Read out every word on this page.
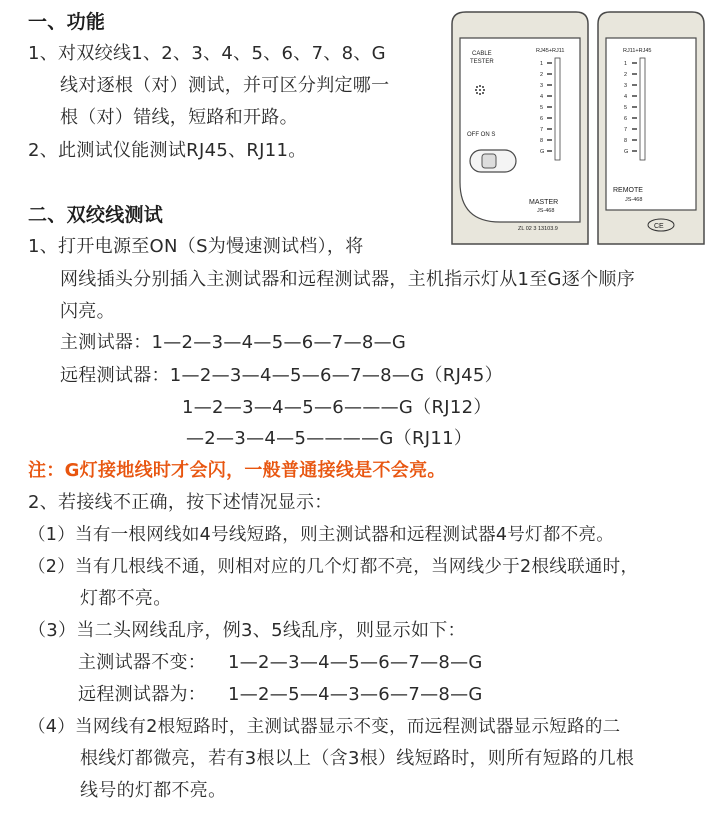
一、功能
1、对双绞线1、2、3、4、5、6、7、8、G
线对逐根（对）测试，并可区分判定哪一
根（对）错线，短路和开路。
2、此测试仪能测试RJ45、RJ11。
CABLE
TESTER
OFF ON S
RJ45+RJ11
1
2
3
4
5
6
7
8
G
MASTER
JS-468
ZL 02 3 13103.9
RJ11+RJ45
1
2
3
4
5
6
7
8
G
REMOTE
JS-468
CE
二、双绞线测试
1、打开电源至ON（S为慢速测试档），将
网线插头分别插入主测试器和远程测试器，主机指示灯从1至G逐个顺序
闪亮。
主测试器：1—2—3—4—5—6—7—8—G
远程测试器：1—2—3—4—5—6—7—8—G（RJ45）
1—2—3—4—5—6———G（RJ12）
—2—3—4—5————G（RJ11）
注：G灯接地线时才会闪，一般普通接线是不会亮。
2、若接线不正确，按下述情况显示：
（1）当有一根网线如4号线短路，则主测试器和远程测试器4号灯都不亮。
（2）当有几根线不通，则相对应的几个灯都不亮，当网线少于2根线联通时，
灯都不亮。
（3）当二头网线乱序，例3、5线乱序，则显示如下：
主测试器不变： 1—2—3—4—5—6—7—8—G
远程测试器为： 1—2—5—4—3—6—7—8—G
（4）当网线有2根短路时，主测试器显示不变，而远程测试器显示短路的二
根线灯都微亮，若有3根以上（含3根）线短路时，则所有短路的几根
线号的灯都不亮。
